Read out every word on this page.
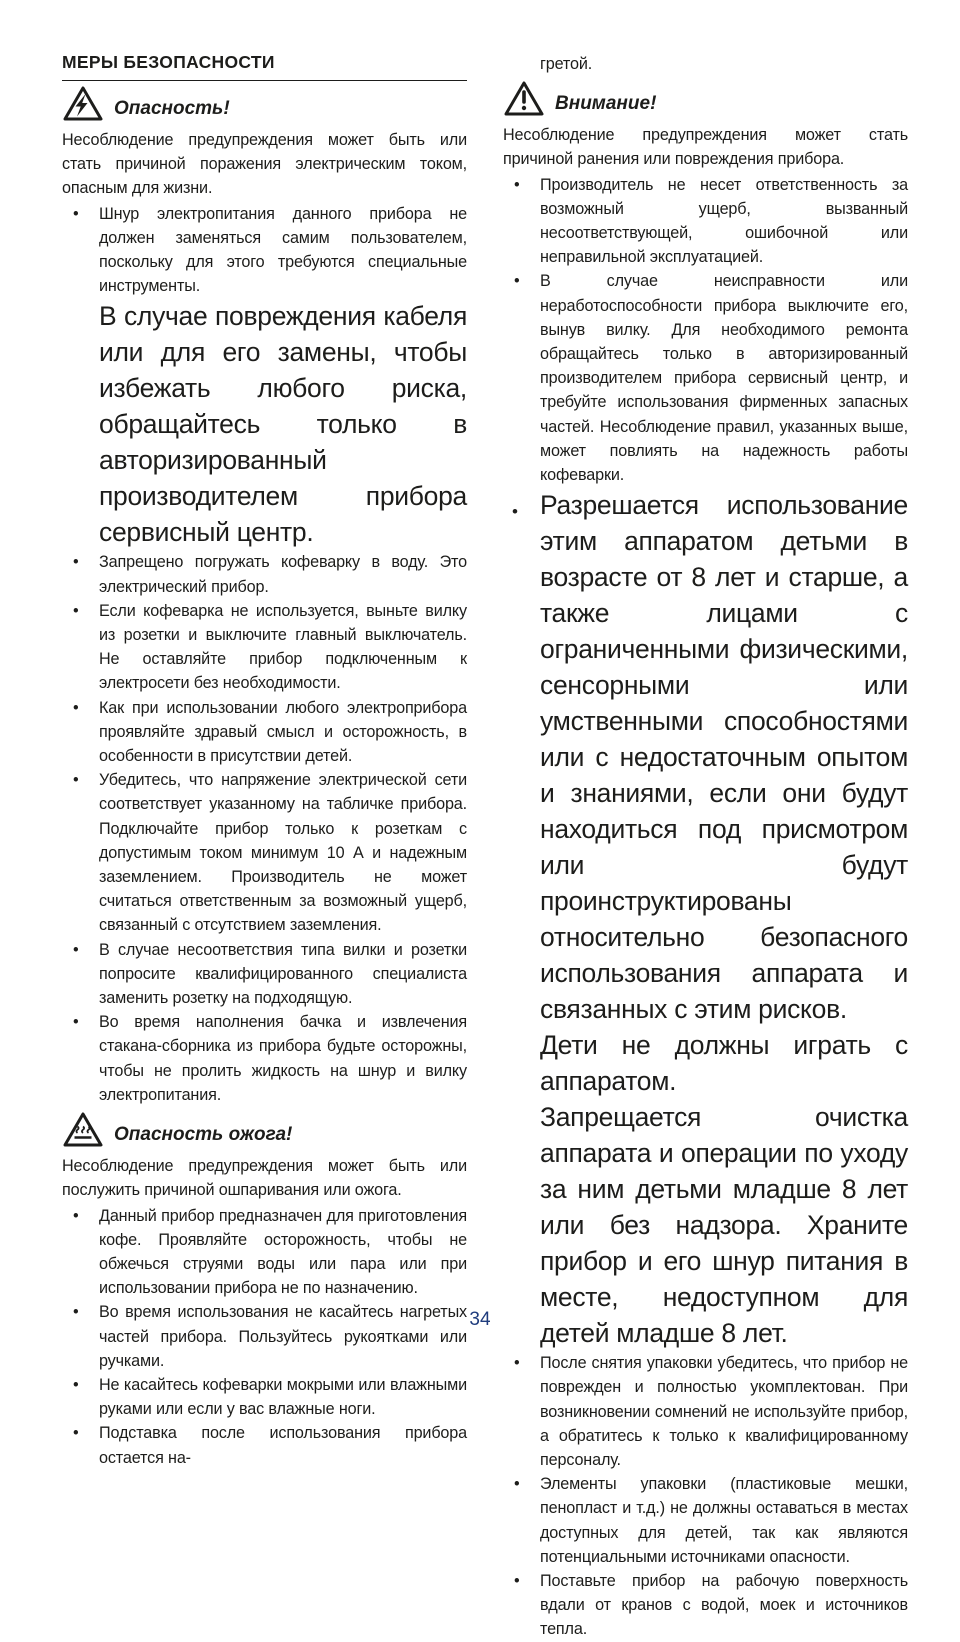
МЕРЫ БЕЗОПАСНОСТИ
Опасность!

Несоблюдение предупреждения может быть или стать причиной поражения электрическим током, опасным для жизни.

• Шнур электропитания данного прибора не должен заменяться самим пользователем, поскольку для этого требуются специальные инструменты.

В случае повреждения кабеля или для его замены, чтобы избежать любого риска, обращайтесь только в авторизированный производителем прибора сервисный центр.

• Запрещено погружать кофеварку в воду. Это электрический прибор.
• Если кофеварка не используется, выньте вилку из розетки и выключите главный выключатель. Не оставляйте прибор подключенным к электросети без необходимости.
• Как при использовании любого электроприбора проявляйте здравый смысл и осторожность, в особенности в присутствии детей.
• Убедитесь, что напряжение электрической сети соответствует указанному на табличке прибора. Подключайте прибор только к розеткам с допустимым током минимум 10 А и надежным заземлением. Производитель не может считаться ответственным за возможный ущерб, связанный с отсутствием заземления.
• В случае несоответствия типа вилки и розетки попросите квалифицированного специалиста заменить розетку на подходящую.
• Во время наполнения бачка и извлечения стакана-сборника из прибора будьте осторожны, чтобы не пролить жидкость на шнур и вилку электропитания.
Опасность ожога!

Несоблюдение предупреждения может быть или послужить причиной ошпаривания или ожога.

• Данный прибор предназначен для приготовления кофе. Проявляйте осторожность, чтобы не обжечься струями воды или пара или при использовании прибора не по назначению.
• Во время использования не касайтесь нагретых частей прибора. Пользуйтесь рукоятками или ручками.
• Не касайтесь кофеварки мокрыми или влажными руками или если у вас влажные ноги.
• Подставка после использования прибора остается на-

гретой.

Внимание!

Несоблюдение предупреждения может стать причиной ранения или повреждения прибора.

• Производитель не несет ответственность за возможный ущерб, вызванный несоответствующей, ошибочной или неправильной эксплуатацией.
• В случае неисправности или неработоспособности прибора выключите его, вынув вилку. Для необходимого ремонта обращайтесь только в авторизированный производителем прибора сервисный центр, и требуйте использования фирменных запасных частей. Несоблюдение правил, указанных выше, может повлиять на надежность работы кофеварки.
• Разрешается использование этим аппаратом детьми в возрасте от 8 лет и старше, а также лицами с ограниченными физическими, сенсорными или умственными способностями или с недостаточным опытом и знаниями, если они будут находиться под присмотром или будут проинструктированы относительно безопасного использования аппарата и связанных с этим рисков.

Дети не должны играть с аппаратом.

Запрещается очистка аппарата и операции по уходу за ним детьми младше 8 лет или без надзора. Храните прибор и его шнур питания в месте, недоступном для детей младше 8 лет.

• После снятия упаковки убедитесь, что прибор не поврежден и полностью укомплектован. При возникновении сомнений не используйте прибор, а обратитесь к только к квалифицированному персоналу.
• Элементы упаковки (пластиковые мешки, пенопласт и т.д.) не должны оставаться в местах доступных для детей, так как являются потенциальными источниками опасности.
• Поставьте прибор на рабочую поверхность вдали от кранов с водой, моек и источников тепла.
34
